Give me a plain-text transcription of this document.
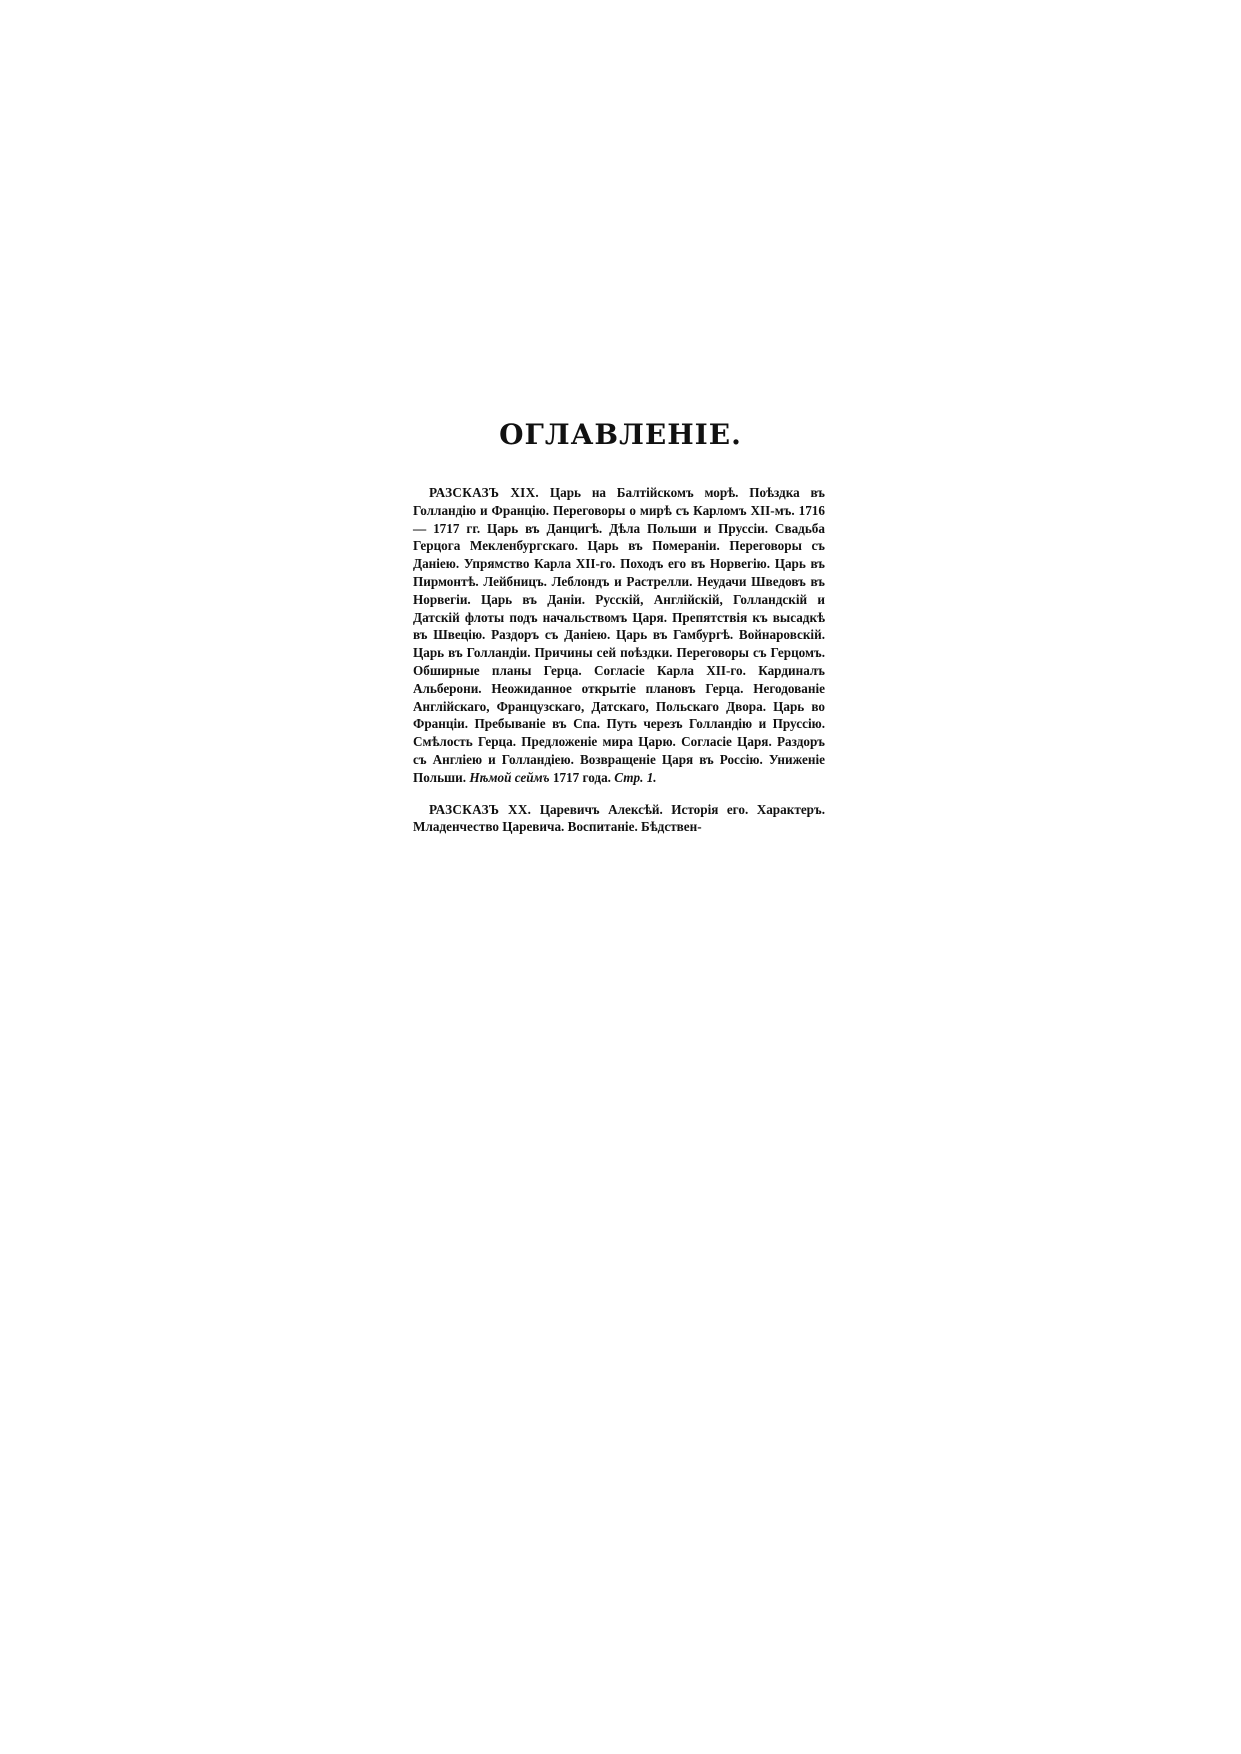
ОГЛАВЛЕНІЕ.

РАЗСКАЗЪ XIX. Царь на Балтійскомъ морѣ. Поѣздка въ Голландію и Францію. Переговоры о мирѣ съ Карломъ XII-мъ. 1716 — 1717 гг. Царь въ Данцигѣ. Дѣла Польши и Пруссіи. Свадьба Герцога Мекленбургскаго. Царь въ Помераніи. Переговоры съ Даніею. Упрямство Карла XII-го. Походъ его въ Норвегію. Царь въ Пирмонтѣ. Лейбницъ. Леблондъ и Растрелли. Неудачи Шведовъ въ Норвегіи. Царь въ Даніи. Русскій, Англійскій, Голландскій и Датскій флоты подъ начальствомъ Царя. Препятствія къ высадкѣ въ Швецію. Раздоръ съ Даніею. Царь въ Гамбургѣ. Войнаровскій. Царь въ Голландіи. Причины сей поѣздки. Переговоры съ Герцомъ. Обширные планы Герца. Согласіе Карла XII-го. Кардиналъ Альберони. Неожиданное открытіе плановъ Герца. Негодованіе Англійскаго, Французскаго, Датскаго, Польскаго Двора. Царь во Франціи. Пребываніе въ Спа. Путь черезъ Голландію и Пруссію. Смѣлость Герца. Предложеніе мира Царю. Согласіе Царя. Раздоръ съ Англіею и Голландіею. Возвращеніе Царя въ Россію. Униженіе Польши. Нѣмой сеймъ 1717 года. Стр. 1.

РАЗСКАЗЪ XX. Царевичъ Алексѣй. Исторія его. Характеръ. Младенчество Царевича. Воспитаніе. Бѣдствен-
